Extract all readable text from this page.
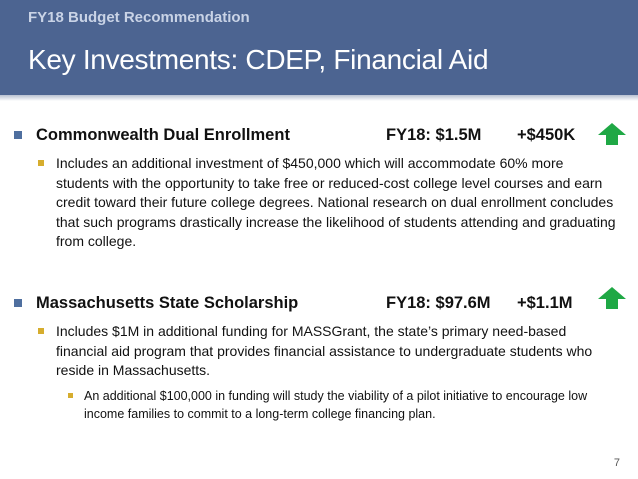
FY18 Budget Recommendation
Key Investments: CDEP, Financial Aid
Commonwealth Dual Enrollment	FY18: $1.5M +$450K
Includes an additional investment of $450,000 which will accommodate 60% more students with the opportunity to take free or reduced-cost college level courses and earn credit toward their future college degrees. National research on dual enrollment concludes that such programs drastically increase the likelihood of students attending and graduating from college.
Massachusetts State Scholarship	FY18: $97.6M +$1.1M
Includes $1M in additional funding for MASSGrant, the state’s primary need-based financial aid program that provides financial assistance to undergraduate students who reside in Massachusetts.
An additional $100,000 in funding will study the viability of a pilot initiative to encourage low income families to commit to a long-term college financing plan.
7
